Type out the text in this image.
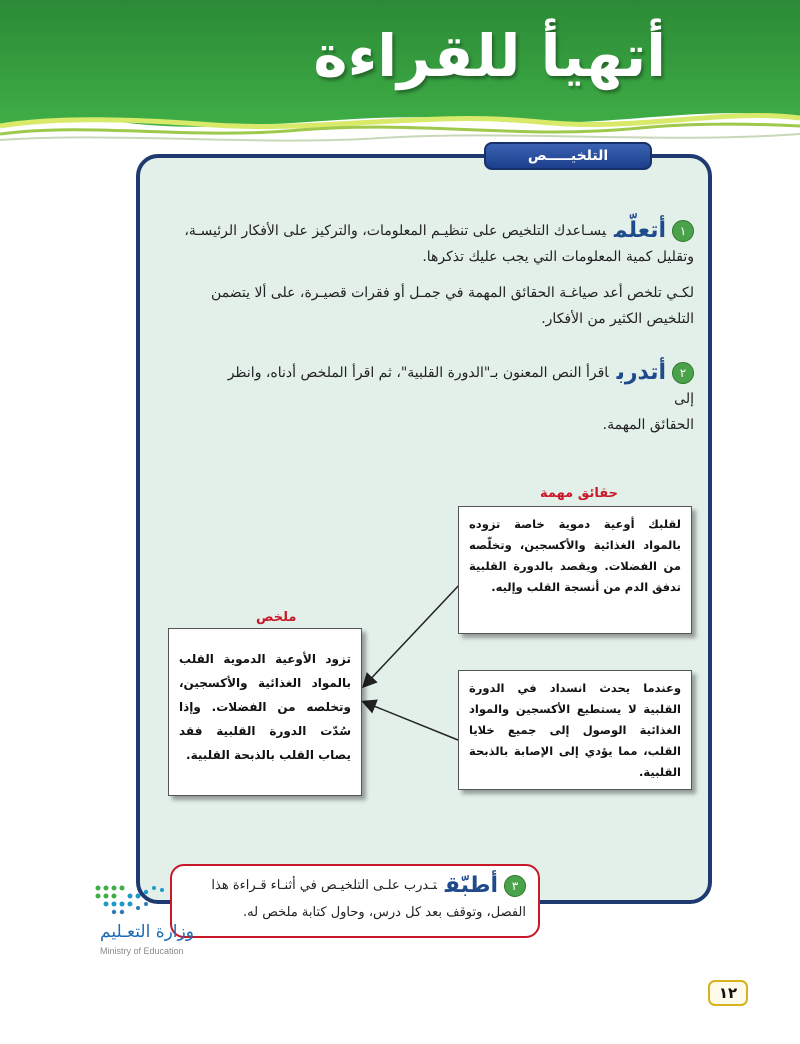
أتهيأ للقراءة
التلخيـــــص
١أتعلّميسـاعدك التلخيص على تنظيـم المعلومات، والتركيز على الأفكار الرئيسـة،
وتقليل كمية المعلومات التي يجب عليك تذكرها.
لكـي تلخص أعد صياغـة الحقائق المهمة في جمـل أو فقرات قصيـرة، على ألا يتضمن
التلخيص الكثير من الأفكار.
٢أتدرباقرأ النص المعنون بـ"الدورة القلبية"، ثم اقرأ الملخص أدناه، وانظر إلى
الحقائق المهمة.
حقائق مهمة
ملخص
لقلبك أوعية دموية خاصة تزوده بالمواد الغذائية والأكسجين، وتخلّصه من الفضلات. ويقصد بالدورة القلبية تدفق الدم من أنسجة القلب وإليه.
وعندما يحدث انسداد في الدورة القلبية لا يستطيع الأكسجين والمواد الغذائية الوصول إلى جميع خلايا القلب، مما يؤدي إلى الإصابة بالذبحة القلبية.
تزود الأوعية الدموية القلب بالمواد الغذائية والأكسجين، وتخلصه من الفضلات. وإذا سُدّت الدورة القلبية فقد يصاب القلب بالذبحة القلبية.
٣أطبّقتـدرب علـى التلخيـص في أثنـاء قـراءة هذا
الفصل، وتوقف بعد كل درس، وحاول كتابة ملخص له.
وزارة التعـليم
Ministry of Education
١٢
